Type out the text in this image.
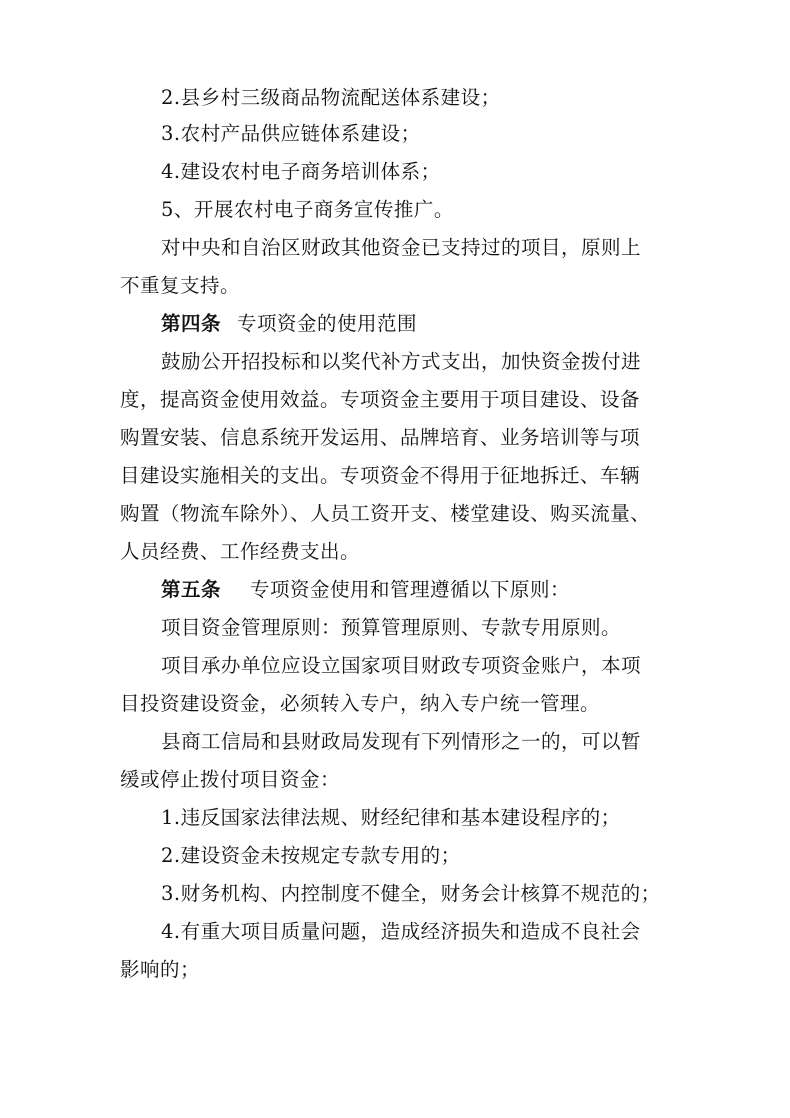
2.县乡村三级商品物流配送体系建设；
3.农村产品供应链体系建设；
4.建设农村电子商务培训体系；
5、开展农村电子商务宣传推广。
对中央和自治区财政其他资金已支持过的项目，原则上
不重复支持。
第四条 专项资金的使用范围
鼓励公开招投标和以奖代补方式支出，加快资金拨付进
度，提高资金使用效益。专项资金主要用于项目建设、设备
购置安装、信息系统开发运用、品牌培育、业务培训等与项
目建设实施相关的支出。专项资金不得用于征地拆迁、车辆
购置（物流车除外）、人员工资开支、楼堂建设、购买流量、
人员经费、工作经费支出。
第五条 专项资金使用和管理遵循以下原则：
项目资金管理原则：预算管理原则、专款专用原则。
项目承办单位应设立国家项目财政专项资金账户，本项
目投资建设资金，必须转入专户，纳入专户统一管理。
县商工信局和县财政局发现有下列情形之一的，可以暂
缓或停止拨付项目资金：
1.违反国家法律法规、财经纪律和基本建设程序的；
2.建设资金未按规定专款专用的；
3.财务机构、内控制度不健全，财务会计核算不规范的；
4.有重大项目质量问题，造成经济损失和造成不良社会
影响的；
